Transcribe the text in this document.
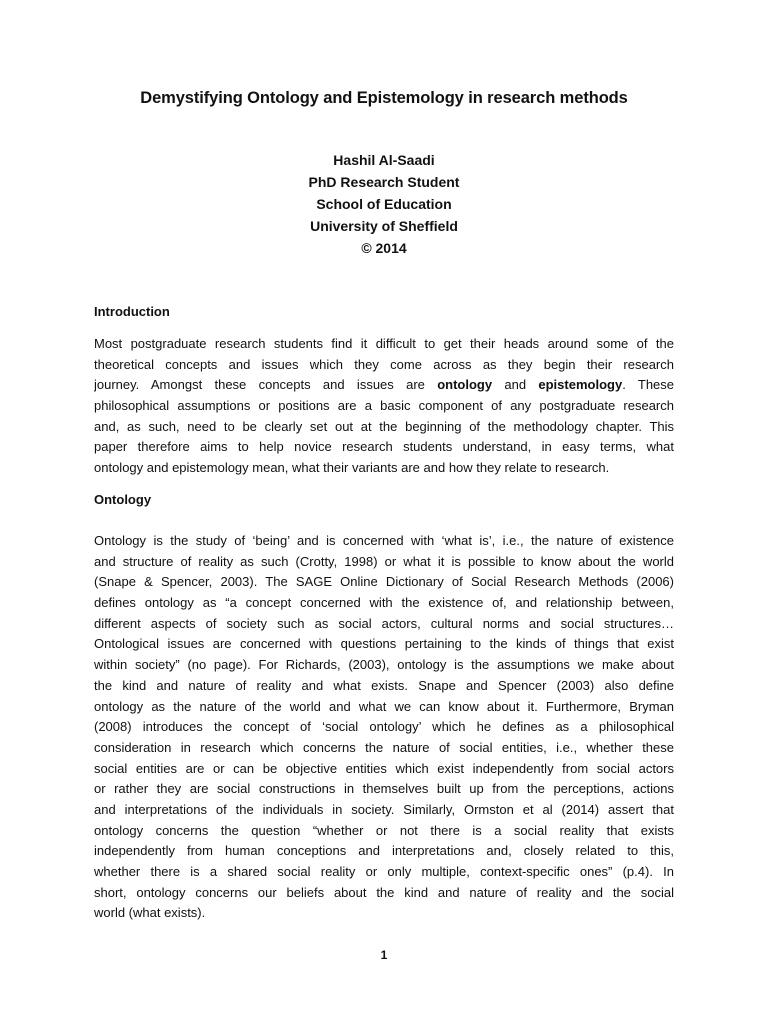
Demystifying Ontology and Epistemology in research methods
Hashil Al-Saadi
PhD Research Student
School of Education
University of Sheffield
© 2014
Introduction
Most postgraduate research students find it difficult to get their heads around some of the
theoretical concepts and issues which they come across as they begin their research
journey. Amongst these concepts and issues are ontology and epistemology. These
philosophical assumptions or positions are a basic component of any postgraduate research
and, as such, need to be clearly set out at the beginning of the methodology chapter. This
paper therefore aims to help novice research students understand, in easy terms, what
ontology and epistemology mean, what their variants are and how they relate to research.
Ontology
Ontology is the study of ‘being’ and is concerned with ‘what is’, i.e., the nature of existence
and structure of reality as such (Crotty, 1998) or what it is possible to know about the world
(Snape & Spencer, 2003). The SAGE Online Dictionary of Social Research Methods (2006)
defines ontology as “a concept concerned with the existence of, and relationship between,
different aspects of society such as social actors, cultural norms and social structures…
Ontological issues are concerned with questions pertaining to the kinds of things that exist
within society” (no page). For Richards, (2003), ontology is the assumptions we make about
the kind and nature of reality and what exists. Snape and Spencer (2003) also define
ontology as the nature of the world and what we can know about it. Furthermore, Bryman
(2008) introduces the concept of ‘social ontology’ which he defines as a philosophical
consideration in research which concerns the nature of social entities, i.e., whether these
social entities are or can be objective entities which exist independently from social actors
or rather they are social constructions in themselves built up from the perceptions, actions
and interpretations of the individuals in society. Similarly, Ormston et al (2014) assert that
ontology concerns the question “whether or not there is a social reality that exists
independently from human conceptions and interpretations and, closely related to this,
whether there is a shared social reality or only multiple, context-specific ones” (p.4). In
short, ontology concerns our beliefs about the kind and nature of reality and the social
world (what exists).
1
